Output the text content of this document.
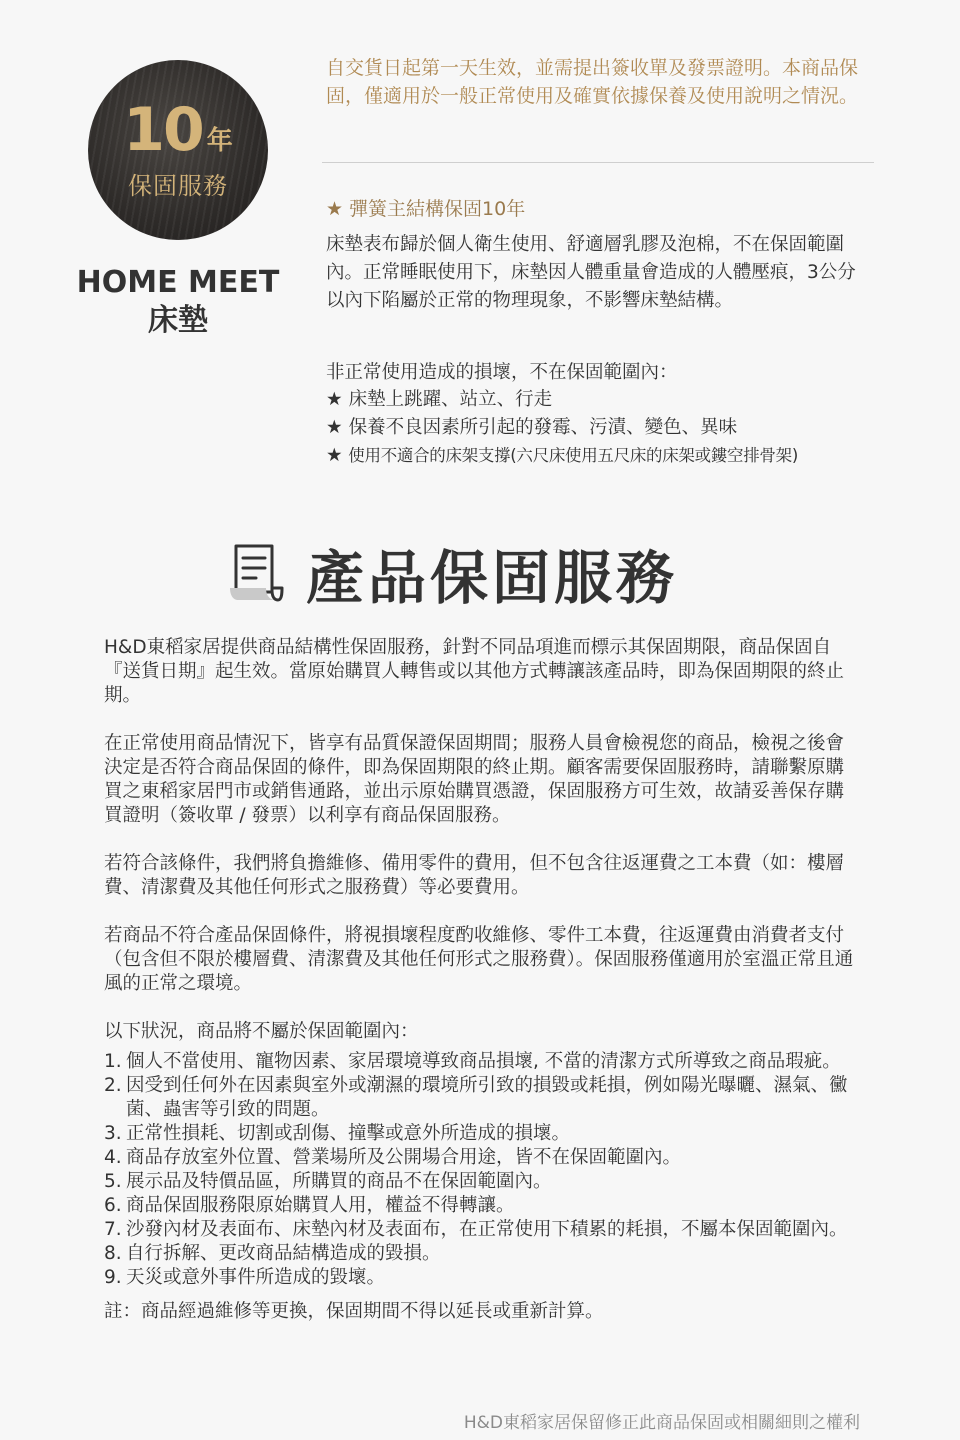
10 年
保固服務
HOME MEET
床墊
自交貨日起第一天生效，並需提出簽收單及發票證明。本商品保固，僅適用於一般正常使用及確實依據保養及使用說明之情況。
★ 彈簧主結構保固10年
床墊表布歸於個人衛生使用、舒適層乳膠及泡棉，不在保固範圍內。正常睡眠使用下，床墊因人體重量會造成的人體壓痕，3公分以內下陷屬於正常的物理現象，不影響床墊結構。
非正常使用造成的損壞，不在保固範圍內：
★ 床墊上跳躍、站立、行走
★ 保養不良因素所引起的發霉、污漬、變色、異味
★ 使用不適合的床架支撐(六尺床使用五尺床的床架或鏤空排骨架)
產品保固服務

H&D東稻家居提供商品結構性保固服務，針對不同品項進而標示其保固期限，商品保固自『送貨日期』起生效。當原始購買人轉售或以其他方式轉讓該產品時，即為保固期限的終止期。

在正常使用商品情況下，皆享有品質保證保固期間；服務人員會檢視您的商品，檢視之後會決定是否符合商品保固的條件，即為保固期限的終止期。顧客需要保固服務時，請聯繫原購買之東稻家居門市或銷售通路，並出示原始購買憑證，保固服務方可生效，故請妥善保存購買證明（簽收單 / 發票）以利享有商品保固服務。

若符合該條件，我們將負擔維修、備用零件的費用，但不包含往返運費之工本費（如：樓層費、清潔費及其他任何形式之服務費）等必要費用。

若商品不符合產品保固條件，將視損壞程度酌收維修、零件工本費，往返運費由消費者支付（包含但不限於樓層費、清潔費及其他任何形式之服務費）。保固服務僅適用於室溫正常且通風的正常之環境。

以下狀況，商品將不屬於保固範圍內：

1. 個人不當使用、寵物因素、家居環境導致商品損壞, 不當的清潔方式所導致之商品瑕疵。
2. 因受到任何外在因素與室外或潮濕的環境所引致的損毀或耗損，例如陽光曝曬、濕氣、黴菌、蟲害等引致的問題。
3. 正常性損耗、切割或刮傷、撞擊或意外所造成的損壞。
4. 商品存放室外位置、營業場所及公開場合用途，皆不在保固範圍內。
5. 展示品及特價品區，所購買的商品不在保固範圍內。
6. 商品保固服務限原始購買人用，權益不得轉讓。
7. 沙發內材及表面布、床墊內材及表面布，在正常使用下積累的耗損，不屬本保固範圍內。
8. 自行拆解、更改商品結構造成的毀損。
9. 天災或意外事件所造成的毀壞。

註：商品經過維修等更換，保固期間不得以延長或重新計算。

H&D東稻家居保留修正此商品保固或相關細則之權利
